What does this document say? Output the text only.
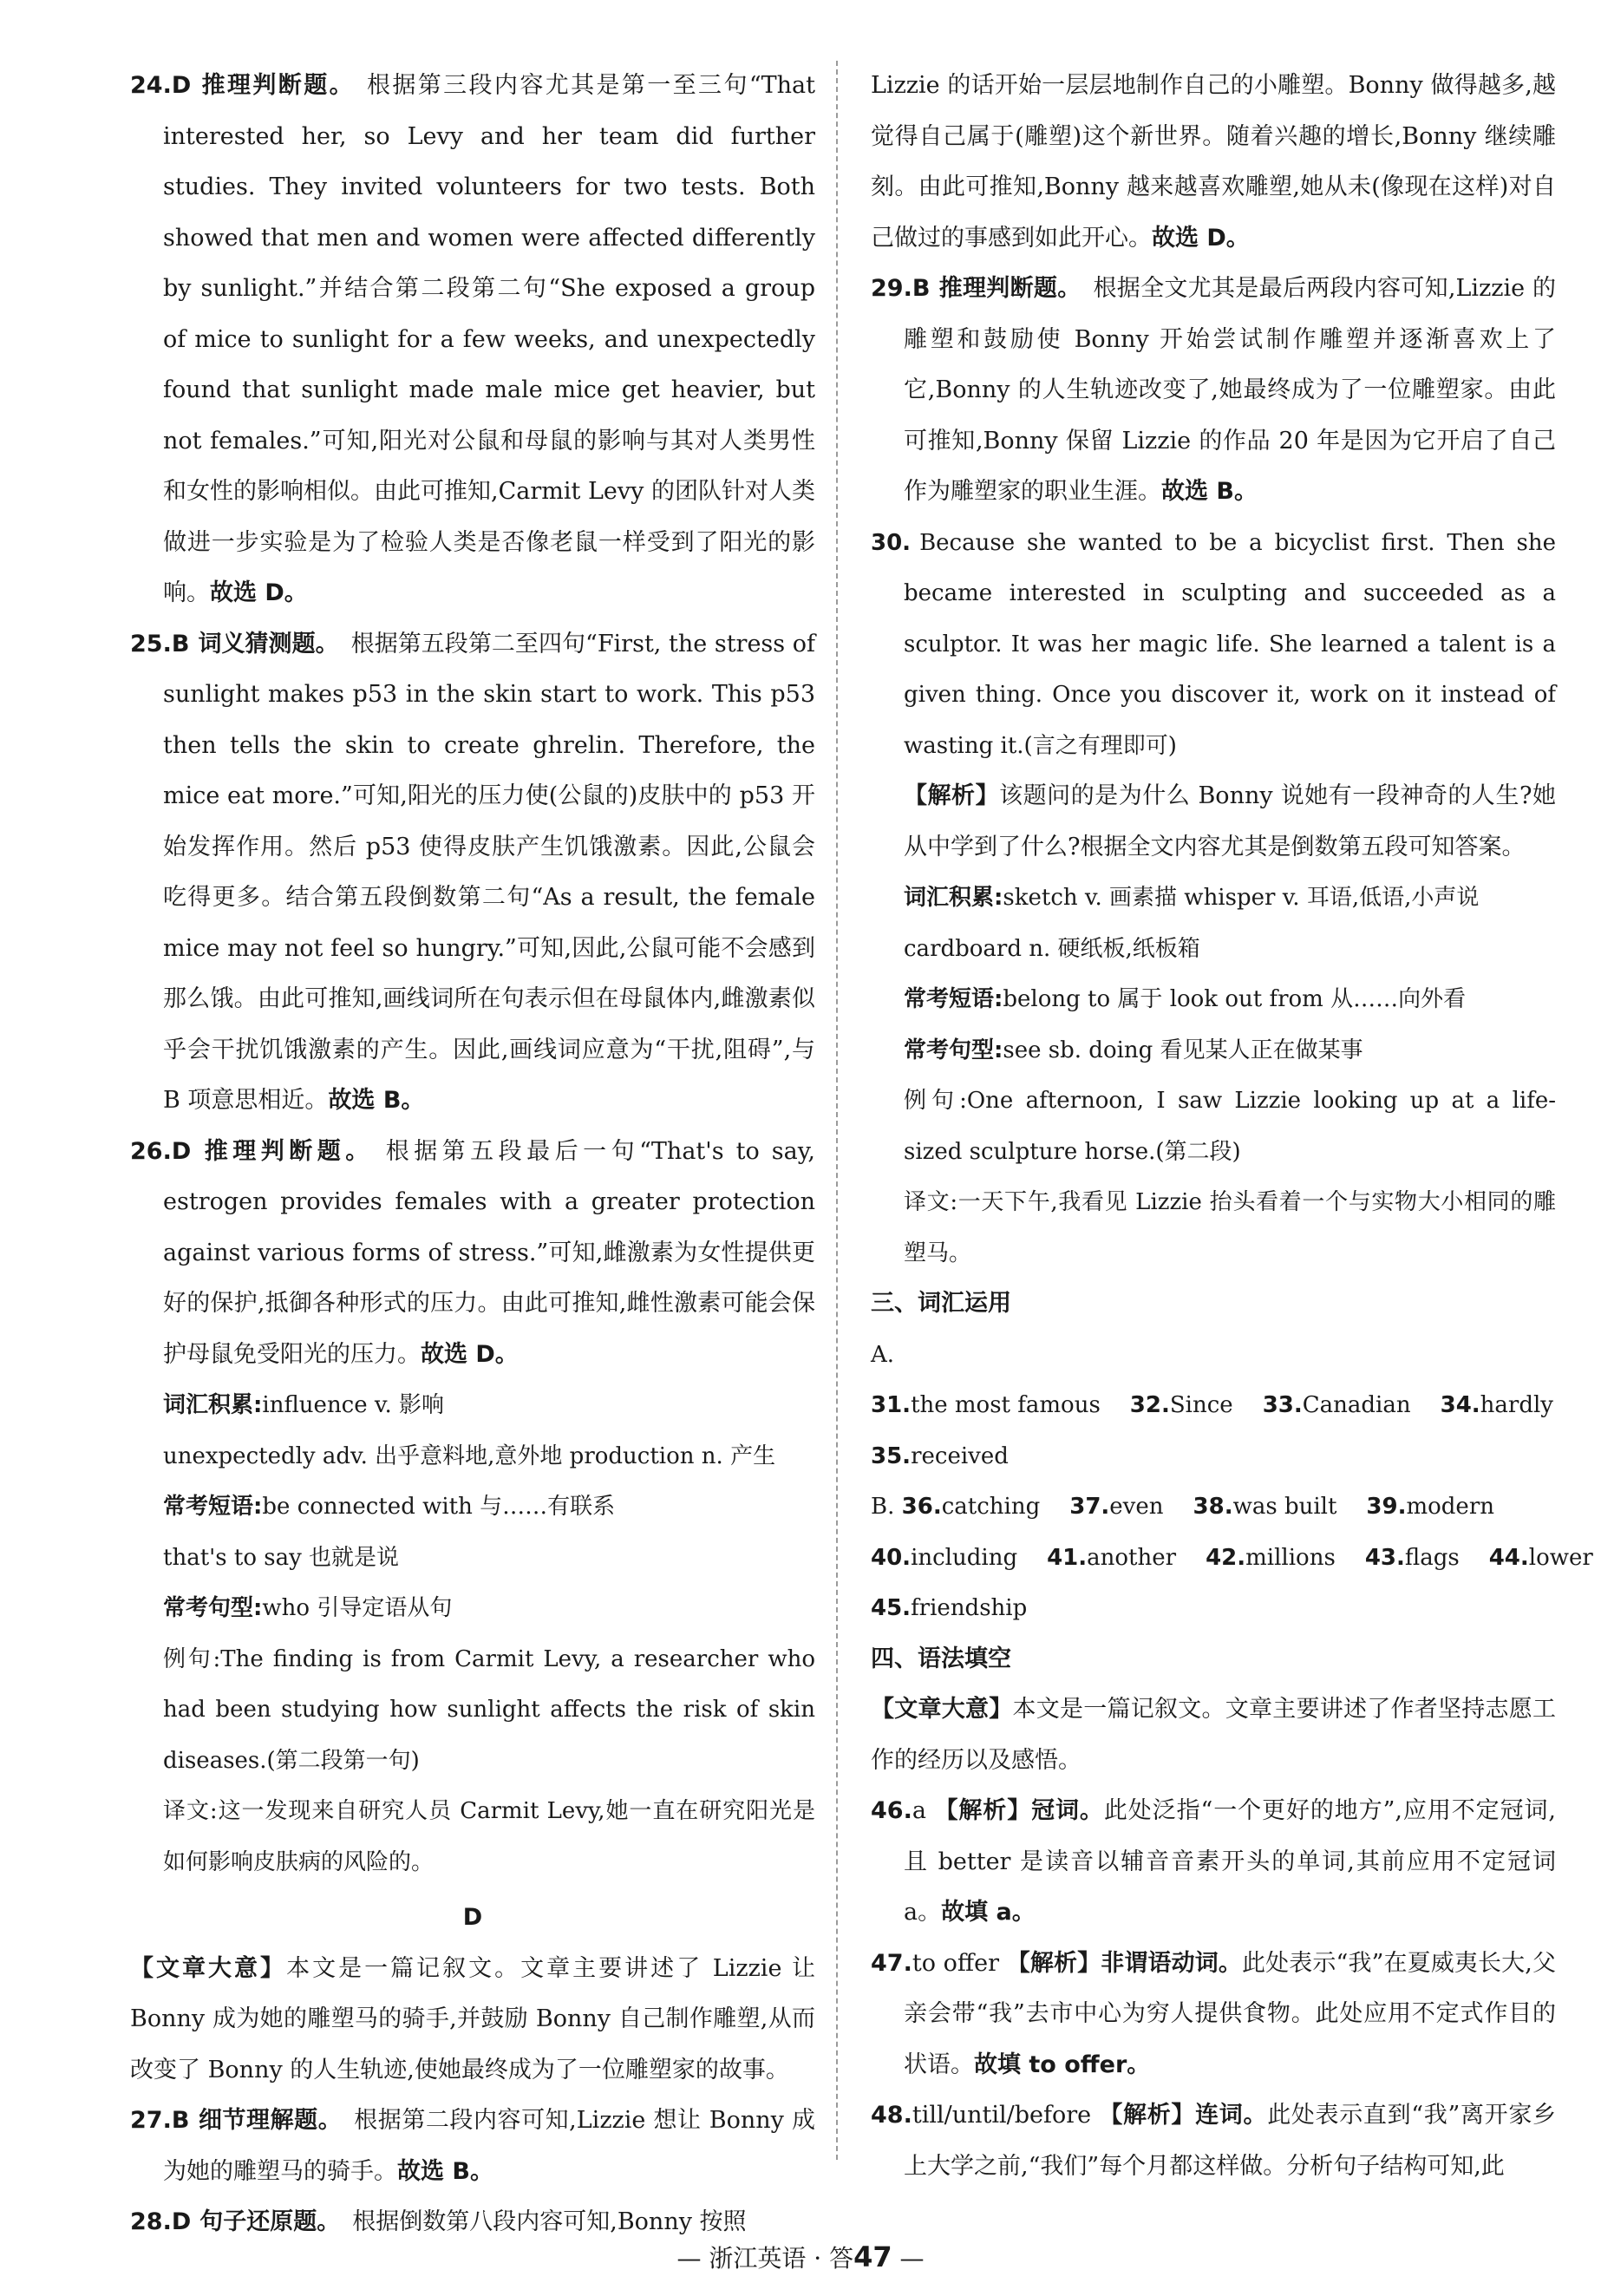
24.D 推理判断题。 根据第三段内容尤其是第一至三句“That interested her, so Levy and her team did further studies. They invited volunteers for two tests. Both showed that men and women were affected differently by sunlight.”并结合第二段第二句“She exposed a group of mice to sunlight for a few weeks, and unexpectedly found that sunlight made male mice get heavier, but not females.”可知,阳光对公鼠和母鼠的影响与其对人类男性和女性的影响相似。由此可推知,Carmit Levy 的团队针对人类做进一步实验是为了检验人类是否像老鼠一样受到了阳光的影响。故选 D。

25.B 词义猜测题。 根据第五段第二至四句“First, the stress of sunlight makes p53 in the skin start to work. This p53 then tells the skin to create ghrelin. Therefore, the mice eat more.”可知,阳光的压力使(公鼠的)皮肤中的 p53 开始发挥作用。然后 p53 使得皮肤产生饥饿激素。因此,公鼠会吃得更多。结合第五段倒数第二句“As a result, the female mice may not feel so hungry.”可知,因此,公鼠可能不会感到那么饿。由此可推知,画线词所在句表示但在母鼠体内,雌激素似乎会干扰饥饿激素的产生。因此,画线词应意为“干扰,阻碍”,与 B 项意思相近。故选 B。

26.D 推理判断题。 根据第五段最后一句“That's to say, estrogen provides females with a greater protection against various forms of stress.”可知,雌激素为女性提供更好的保护,抵御各种形式的压力。由此可推知,雌性激素可能会保护母鼠免受阳光的压力。故选 D。

词汇积累:influence v. 影响

unexpectedly adv. 出乎意料地,意外地 production n. 产生

常考短语:be connected with 与……有联系

that's to say 也就是说

常考句型:who 引导定语从句

例句:The finding is from Carmit Levy, a researcher who had been studying how sunlight affects the risk of skin diseases.(第二段第一句)

译文:这一发现来自研究人员 Carmit Levy,她一直在研究阳光是如何影响皮肤病的风险的。

D

【文章大意】本文是一篇记叙文。文章主要讲述了 Lizzie 让 Bonny 成为她的雕塑马的骑手,并鼓励 Bonny 自己制作雕塑,从而改变了 Bonny 的人生轨迹,使她最终成为了一位雕塑家的故事。

27.B 细节理解题。 根据第二段内容可知,Lizzie 想让 Bonny 成为她的雕塑马的骑手。故选 B。

28.D 句子还原题。 根据倒数第八段内容可知,Bonny 按照

Lizzie 的话开始一层层地制作自己的小雕塑。Bonny 做得越多,越觉得自己属于(雕塑)这个新世界。随着兴趣的增长,Bonny 继续雕刻。由此可推知,Bonny 越来越喜欢雕塑,她从未(像现在这样)对自己做过的事感到如此开心。故选 D。

29.B 推理判断题。 根据全文尤其是最后两段内容可知,Lizzie 的雕塑和鼓励使 Bonny 开始尝试制作雕塑并逐渐喜欢上了它,Bonny 的人生轨迹改变了,她最终成为了一位雕塑家。由此可推知,Bonny 保留 Lizzie 的作品 20 年是因为它开启了自己作为雕塑家的职业生涯。故选 B。

30. Because she wanted to be a bicyclist first. Then she became interested in sculpting and succeeded as a sculptor. It was her magic life. She learned a talent is a given thing. Once you discover it, work on it instead of wasting it.(言之有理即可)

【解析】该题问的是为什么 Bonny 说她有一段神奇的人生?她从中学到了什么?根据全文内容尤其是倒数第五段可知答案。

词汇积累:sketch v. 画素描 whisper v. 耳语,低语,小声说

cardboard n. 硬纸板,纸板箱

常考短语:belong to 属于 look out from 从……向外看

常考句型:see sb. doing 看见某人正在做某事

例句:One afternoon, I saw Lizzie looking up at a life-sized sculpture horse.(第二段)

译文:一天下午,我看见 Lizzie 抬头看着一个与实物大小相同的雕塑马。

三、词汇运用

A. 31.the most famous 32.Since 33.Canadian 34.hardly

35.received

B. 36.catching 37.even 38.was built 39.modern

40.including 41.another 42.millions 43.flags 44.lower

45.friendship

四、语法填空

【文章大意】本文是一篇记叙文。文章主要讲述了作者坚持志愿工作的经历以及感悟。

46.a 【解析】冠词。此处泛指“一个更好的地方”,应用不定冠词,且 better 是读音以辅音音素开头的单词,其前应用不定冠词 a。故填 a。

47.to offer 【解析】非谓语动词。此处表示“我”在夏威夷长大,父亲会带“我”去市中心为穷人提供食物。此处应用不定式作目的状语。故填 to offer。

48.till/until/before 【解析】连词。此处表示直到“我”离开家乡上大学之前,“我们”每个月都这样做。分析句子结构可知,此

— 浙江英语 · 答47 —
